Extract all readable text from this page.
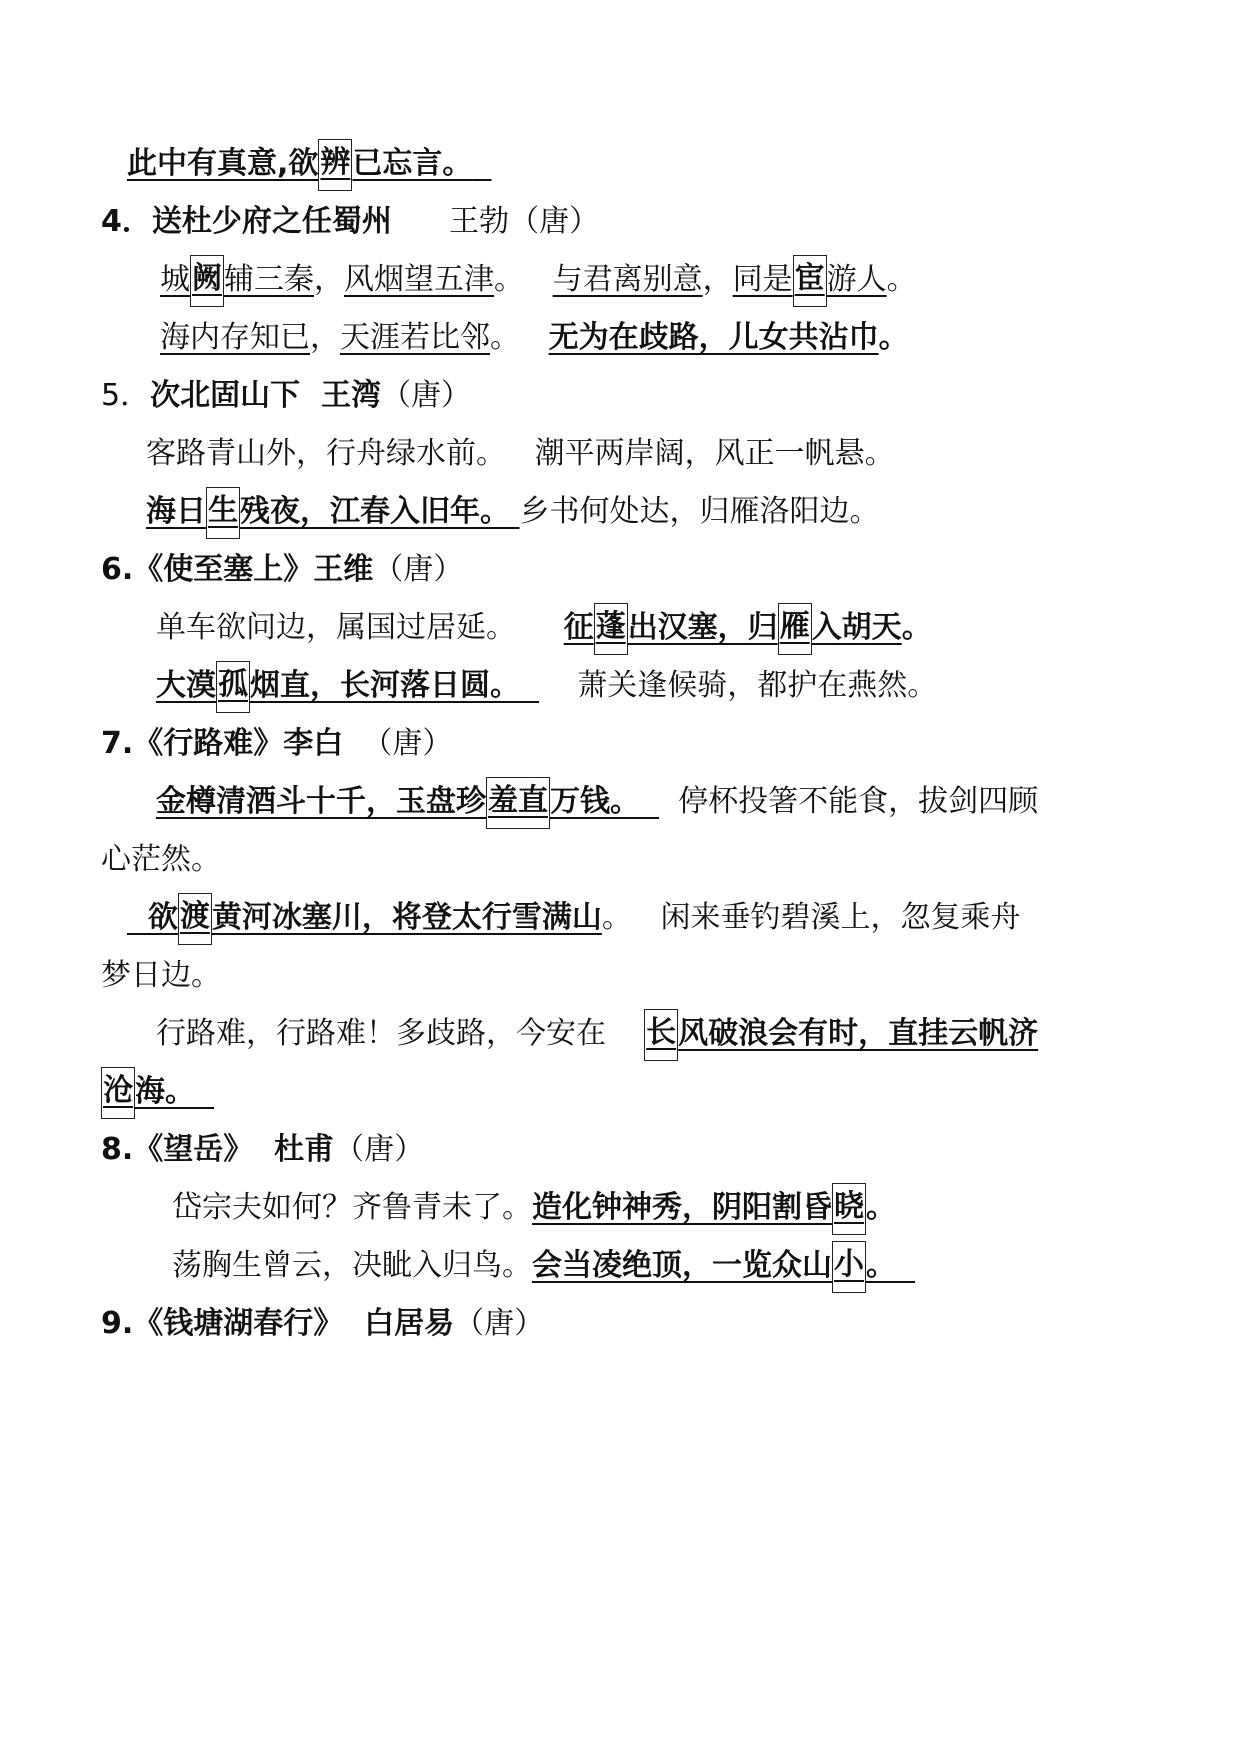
此中有真意,欲辨已忘言。
4．送杜少府之任蜀州      王勃（唐）
城阙辅三秦，风烟望五津。   与君离别意，同是宦游人。
海内存知已，天涯若比邻。   无为在歧路，儿女共沾巾。
5．次北固山下  王湾（唐）
客路青山外，行舟绿水前。   潮平两岸阔，风正一帆悬。
海日生残夜，江春入旧年。 乡书何处达，归雁洛阳边。
6.《使至塞上》王维（唐）
单车欲问边，属国过居延。     征蓬出汉塞，归雁入胡天。
大漠孤烟直，长河落日圆。      萧关逢候骑，都护在燕然。
7.《行路难》李白  （唐）
金樽清酒斗十千，玉盘珍羞直万钱。    停杯投箸不能食，拔剑四顾
心茫然。
欲渡黄河冰塞川，将登太行雪满山。   闲来垂钓碧溪上，忽复乘舟
梦日边。
行路难，行路难！多歧路，今安在    长风破浪会有时，直挂云帆济
沧海。
8.《望岳》  杜甫（唐）
岱宗夫如何？齐鲁青未了。造化钟神秀，阴阳割昏晓。
荡胸生曾云，决眦入归鸟。会当凌绝顶，一览众山小。
9.《钱塘湖春行》  白居易（唐）
